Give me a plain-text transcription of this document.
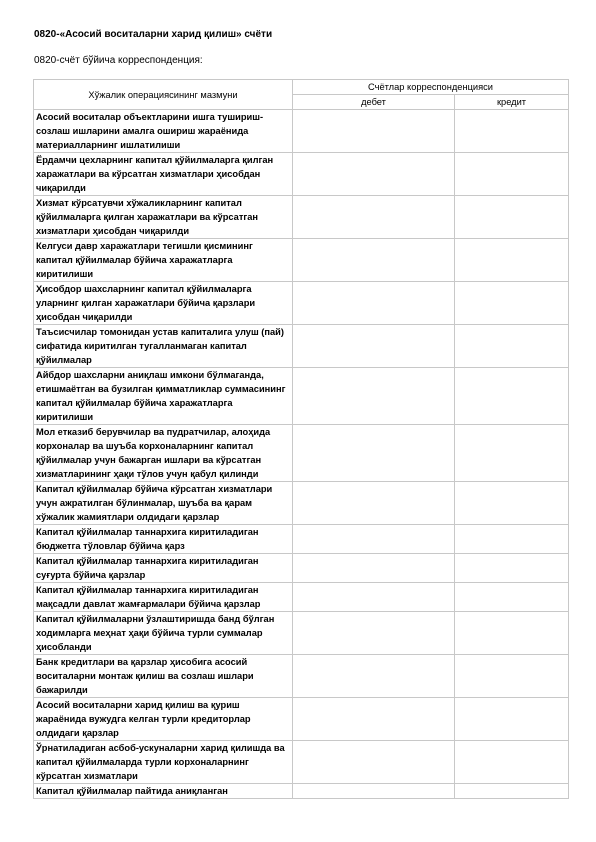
0820-«Асосий воситаларни харид қилиш» счёти
0820-счёт бўйича корреспонденция:
Хўжалик операциясининг мазмуни	Счётлар корреспонденцияси	
	дебет	кредит
Асосий воситалар объектларини ишга тушириш-созлаш ишларини амалга ошириш жараёнида материалларнинг ишлатилиши		
Ёрдамчи цехларнинг капитал қўйилмаларга қилган харажатлари ва кўрсатган хизматлари ҳисобдан чиқарилди		
Хизмат кўрсатувчи хўжаликларнинг капитал қўйилмаларга қилган харажатлари ва кўрсатган хизматлари ҳисобдан чиқарилди		
Келгуси давр харажатлари тегишли қисмининг капитал қўйилмалар бўйича харажатларга киритилиши		
Ҳисобдор шахсларнинг капитал қўйилмаларга уларнинг қилган харажатлари бўйича қарзлари ҳисобдан чиқарилди		
Таъсисчилар томонидан устав капиталига улуш (пай) сифатида киритилган тугалланмаган капитал қўйилмалар		
Айбдор шахсларни аниқлаш имкони бўлмаганда, етишмаётган ва бузилган қимматликлар суммасининг капитал қўйилмалар бўйича харажатларга киритилиши		
Мол етказиб берувчилар ва пудратчилар, алоҳида корхоналар ва шуъба корхоналарнинг капитал қўйилмалар учун бажарган ишлари ва кўрсатган хизматларининг ҳақи тўлов учун қабул қилинди		
Капитал қўйилмалар бўйича кўрсатган хизматлари учун ажратилган бўлинмалар, шуъба ва қарам хўжалик жамиятлари олдидаги қарзлар		
Капитал қўйилмалар таннархига киритиладиган бюджетга тўловлар бўйича қарз		
Капитал қўйилмалар таннархига киритиладиган суғурта бўйича қарзлар		
Капитал қўйилмалар таннархига киритиладиган мақсадли давлат жамғармалари бўйича қарзлар		
Капитал қўйилмаларни ўзлаштиришда банд бўлган ходимларга меҳнат ҳақи бўйича турли суммалар ҳисобланди		
Банк кредитлари ва қарзлар ҳисобига асосий воситаларни монтаж қилиш ва созлаш ишлари бажарилди		
Асосий воситаларни харид қилиш ва қуриш жараёнида вужудга келган турли кредиторлар олдидаги қарзлар		
Ўрнатиладиган асбоб-ускуналарни харид қилишда ва капитал қўйилмаларда турли корхоналарнинг кўрсатган хизматлари		
Капитал қўйилмалар пайтида аниқланган		
